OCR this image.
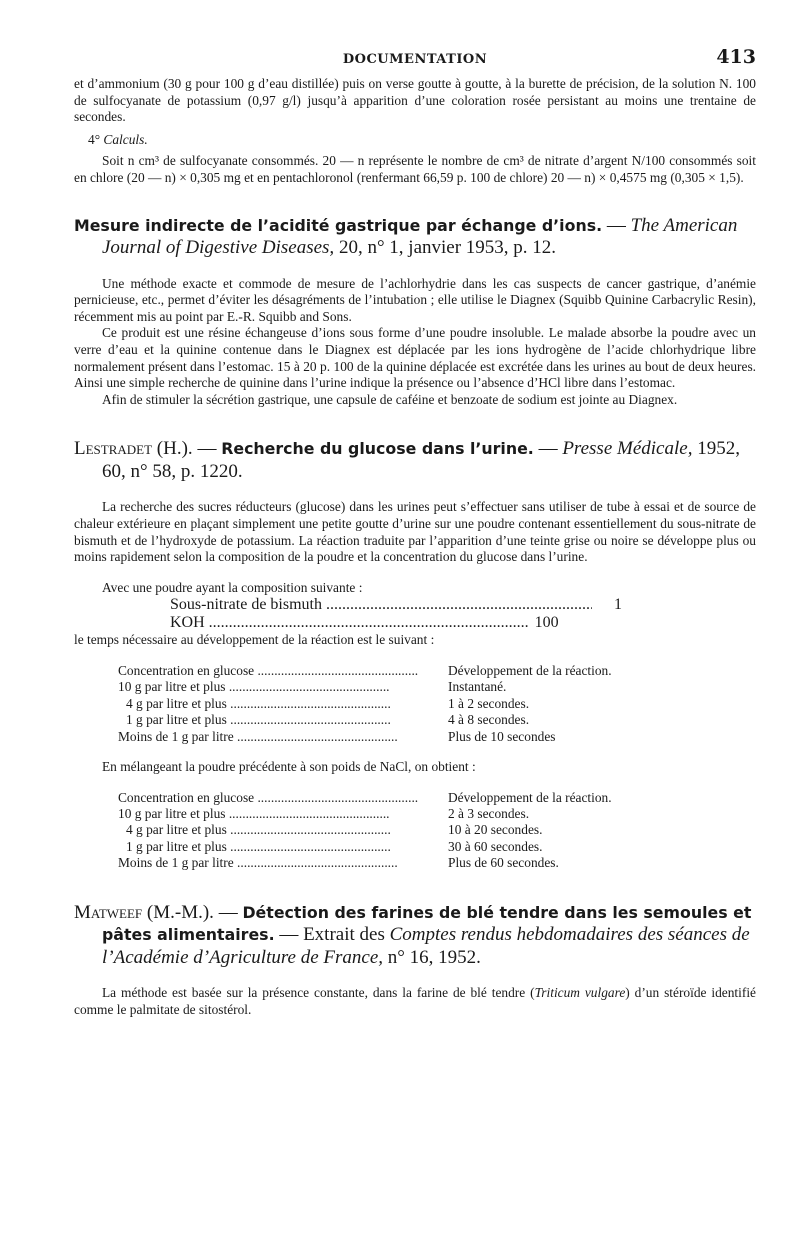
DOCUMENTATION	413

et d’ammonium (30 g pour 100 g d’eau distillée) puis on verse goutte à goutte, à la burette de précision, de la solution N. 100 de sulfocyanate de potassium (0,97 g/l) jusqu’à apparition d’une coloration rosée persistant au moins une trentaine de secondes.

4° Calculs.

Soit n cm³ de sulfocyanate consommés. 20 — n représente le nombre de cm³ de nitrate d’argent N/100 consommés soit en chlore (20 — n) × 0,305 mg et en pentachloronol (renfermant 66,59 p. 100 de chlore) 20 — n) × 0,4575 mg (0,305 × 1,5).

Mesure indirecte de l’acidité gastrique par échange d’ions. — The American Journal of Digestive Diseases, 20, n° 1, janvier 1953, p. 12.

Une méthode exacte et commode de mesure de l’achlorhydrie dans les cas suspects de cancer gastrique, d’anémie pernicieuse, etc., permet d’éviter les désagréments de l’intubation ; elle utilise le Diagnex (Squibb Quinine Carbacrylic Resin), récemment mis au point par E.-R. Squibb and Sons.

Ce produit est une résine échangeuse d’ions sous forme d’une poudre insoluble. Le malade absorbe la poudre avec un verre d’eau et la quinine contenue dans le Diagnex est déplacée par les ions hydrogène de l’acide chlorhydrique libre normalement présent dans l’estomac. 15 à 20 p. 100 de la quinine déplacée est excrétée dans les urines au bout de deux heures. Ainsi une simple recherche de quinine dans l’urine indique la présence ou l’absence d’HCl libre dans l’estomac.

Afin de stimuler la sécrétion gastrique, une capsule de caféine et benzoate de sodium est jointe au Diagnex.

Lestradet (H.). — Recherche du glucose dans l’urine. — Presse Médicale, 1952, 60, n° 58, p. 1220.

La recherche des sucres réducteurs (glucose) dans les urines peut s’effectuer sans utiliser de tube à essai et de source de chaleur extérieure en plaçant simplement une petite goutte d’urine sur une poudre contenant essentiellement du sous-nitrate de bismuth et de l’hydroxyde de potassium. La réaction traduite par l’apparition d’une teinte grise ou noire se développe plus ou moins rapidement selon la composition de la poudre et la concentration du glucose dans l’urine.

Avec une poudre ayant la composition suivante :

Sous-nitrate de bismuth .....	1
KOH .....	100

le temps nécessaire au développement de la réaction est le suivant :

Concentration en glucose .....	Développement de la réaction.
10 g par litre et plus .....	Instantané.
4 g par litre et plus .....	1 à 2 secondes.
1 g par litre et plus .....	4 à 8 secondes.
Moins de 1 g par litre .....	Plus de 10 secondes

En mélangeant la poudre précédente à son poids de NaCl, on obtient :

Concentration en glucose .....	Développement de la réaction.
10 g par litre et plus .....	2 à 3 secondes.
4 g par litre et plus .....	10 à 20 secondes.
1 g par litre et plus .....	30 à 60 secondes.
Moins de 1 g par litre .....	Plus de 60 secondes.
Matweef (M.-M.). — Détection des farines de blé tendre dans les semoules et pâtes alimentaires. — Extrait des Comptes rendus hebdomadaires des séances de l’Académie d’Agriculture de France, n° 16, 1952.

La méthode est basée sur la présence constante, dans la farine de blé tendre (Triticum vulgare) d’un stéroïde identifié comme le palmitate de sitostérol.
